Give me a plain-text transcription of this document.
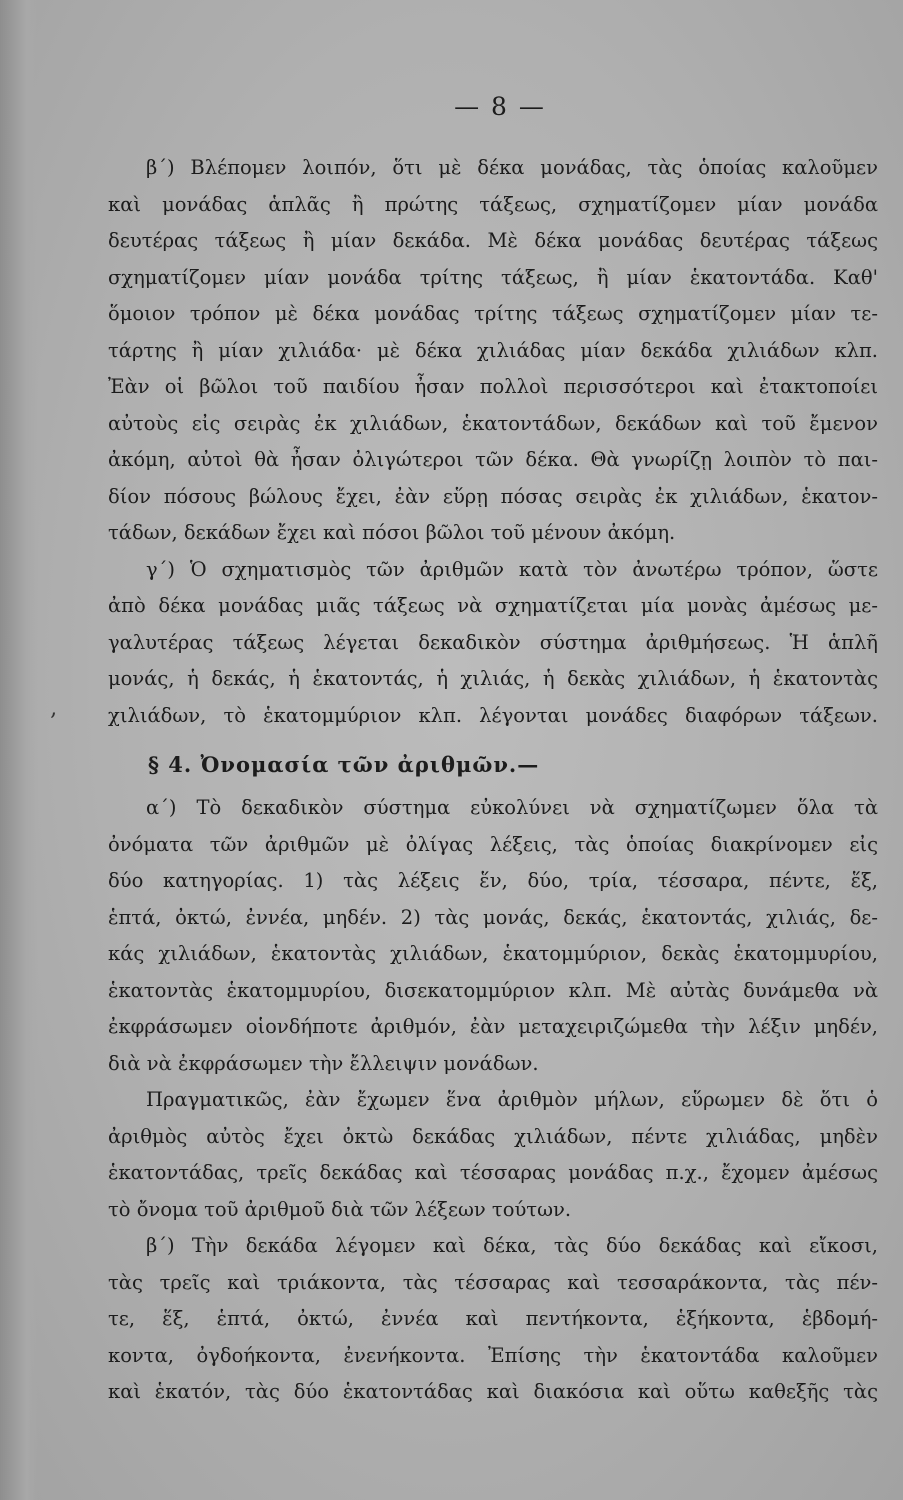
‚
— 8 —
β΄) Βλέπομεν λοιπόν, ὅτι μὲ δέκα μονάδας, τὰς ὁποίας καλοῦμεν
καὶ μονάδας ἁπλᾶς ἢ πρώτης τάξεως, σχηματίζομεν μίαν μονάδα
δευτέρας τάξεως ἢ μίαν δεκάδα. Μὲ δέκα μονάδας δευτέρας τάξεως
σχηματίζομεν μίαν μονάδα τρίτης τάξεως, ἢ μίαν ἑκατοντάδα. Καθ'
ὅμοιον τρόπον μὲ δέκα μονάδας τρίτης τάξεως σχηματίζομεν μίαν τε-
τάρτης ἢ μίαν χιλιάδα· μὲ δέκα χιλιάδας μίαν δεκάδα χιλιάδων κλπ.
Ἐὰν οἱ βῶλοι τοῦ παιδίου ἦσαν πολλοὶ περισσότεροι καὶ ἐτακτοποίει
αὐτοὺς εἰς σειρὰς ἐκ χιλιάδων, ἑκατοντάδων, δεκάδων καὶ τοῦ ἔμενον
ἀκόμη, αὐτοὶ θὰ ἦσαν ὀλιγώτεροι τῶν δέκα. Θὰ γνωρίζῃ λοιπὸν τὸ παι-
δίον πόσους βώλους ἔχει, ἐὰν εὕρῃ πόσας σειρὰς ἐκ χιλιάδων, ἑκατον-
τάδων, δεκάδων ἔχει καὶ πόσοι βῶλοι τοῦ μένουν ἀκόμη.
γ΄) Ὁ σχηματισμὸς τῶν ἀριθμῶν κατὰ τὸν ἀνωτέρω τρόπον, ὥστε
ἀπὸ δέκα μονάδας μιᾶς τάξεως νὰ σχηματίζεται μία μονὰς ἀμέσως με-
γαλυτέρας τάξεως λέγεται δεκαδικὸν σύστημα ἀριθμήσεως. Ἡ ἁπλῆ
μονάς, ἡ δεκάς, ἡ ἑκατοντάς, ἡ χιλιάς, ἡ δεκὰς χιλιάδων, ἡ ἑκατοντὰς
χιλιάδων, τὸ ἑκατομμύριον κλπ. λέγονται μονάδες διαφόρων τάξεων.
§ 4. Ὀνομασία τῶν ἀριθμῶν.—
α΄) Τὸ δεκαδικὸν σύστημα εὐκολύνει νὰ σχηματίζωμεν ὅλα τὰ
ὀνόματα τῶν ἀριθμῶν μὲ ὀλίγας λέξεις, τὰς ὁποίας διακρίνομεν εἰς
δύο κατηγορίας. 1) τὰς λέξεις ἕν, δύο, τρία, τέσσαρα, πέντε, ἕξ,
ἑπτά, ὀκτώ, ἐννέα, μηδέν. 2) τὰς μονάς, δεκάς, ἑκατοντάς, χιλιάς, δε-
κάς χιλιάδων, ἑκατοντὰς χιλιάδων, ἑκατομμύριον, δεκὰς ἑκατομμυρίου,
ἑκατοντὰς ἑκατομμυρίου, δισεκατομμύριον κλπ. Μὲ αὐτὰς δυνάμεθα νὰ
ἐκφράσωμεν οἱονδήποτε ἀριθμόν, ἐὰν μεταχειριζώμεθα τὴν λέξιν μηδέν,
διὰ νὰ ἐκφράσωμεν τὴν ἔλλειψιν μονάδων.
Πραγματικῶς, ἐὰν ἔχωμεν ἕνα ἀριθμὸν μήλων, εὕρωμεν δὲ ὅτι ὁ
ἀριθμὸς αὐτὸς ἔχει ὀκτὼ δεκάδας χιλιάδων, πέντε χιλιάδας, μηδὲν
ἑκατοντάδας, τρεῖς δεκάδας καὶ τέσσαρας μονάδας π.χ., ἔχομεν ἀμέσως
τὸ ὄνομα τοῦ ἀριθμοῦ διὰ τῶν λέξεων τούτων.
β΄) Τὴν δεκάδα λέγομεν καὶ δέκα, τὰς δύο δεκάδας καὶ εἴκοσι,
τὰς τρεῖς καὶ τριάκοντα, τὰς τέσσαρας καὶ τεσσαράκοντα, τὰς πέν-
τε, ἕξ, ἑπτά, ὀκτώ, ἐννέα καὶ πεντήκοντα, ἑξήκοντα, ἑβδομή-
κοντα, ὀγδοήκοντα, ἐνενήκοντα. Ἐπίσης τὴν ἑκατοντάδα καλοῦμεν
καὶ ἑκατόν, τὰς δύο ἑκατοντάδας καὶ διακόσια καὶ οὕτω καθεξῆς τὰς
